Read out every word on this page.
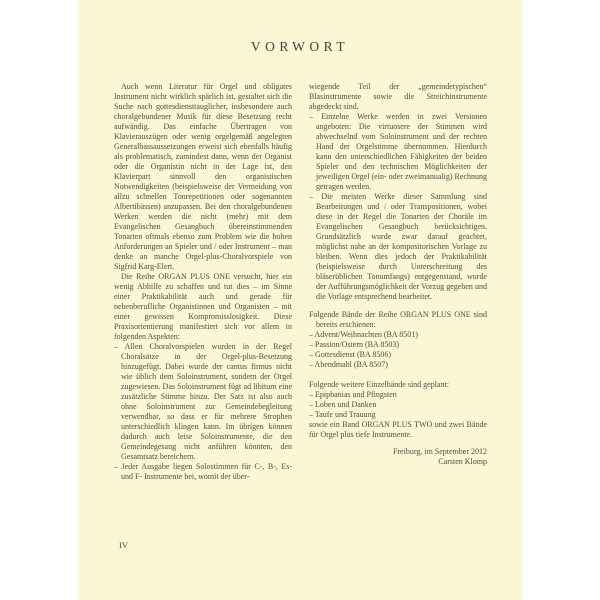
VORWORT

Auch wenn Literatur für Orgel und obligates Instrument nicht wirklich spärlich ist, gestaltet sich die Suche nach gottesdiensttauglicher, insbesondere auch choralgebundener Musik für diese Besetzung recht aufwändig. Das einfache Übertragen von Klavierauszügen oder wenig orgelgemäß angelegten Generalbassaussetzungen erweist sich ebenfalls häufig als problematisch, zumindest dann, wenn der Organist oder die Organistin nicht in der Lage ist, den Klavierpart sinnvoll den organistischen Notwendigkeiten (beispielsweise der Vermeidung von allzu schnellen Tonrepetitionen oder sogenannten Albertibässen) anzupassen. Bei den choralgebundenen Werken werden die nicht (mehr) mit dem Evangelischen Gesangbuch übereinstimmenden Tonarten oftmals ebenso zum Problem wie die hohen Anforderungen an Spieler und / oder Instrument – man denke an manche Orgel-plus-Choralvorspiele von Sigfrid Karg-Elert.

Die Reihe ORGAN PLUS ONE versucht, hier ein wenig Abhilfe zu schaffen und tut dies – im Sinne einer Praktikabilität auch und gerade für nebenberufliche Organistinnen und Organisten – mit einer gewissen Kompromisslosigkeit. Diese Praxisorientierung manifestiert sich vor allem in folgenden Aspekten:

– Allen Choralvorspielen wurden in der Regel Choralsätze in der Orgel-plus-Besetzung hinzugefügt. Dabei wurde der cantus firmus nicht wie üblich dem Soloinstrument, sondern der Orgel zugewiesen. Das Soloinstrument fügt ad libitum eine zusätzliche Stimme hinzu. Der Satz ist also auch ohne Soloinstrument zur Gemeindebegleitung verwendbar, so dass er für mehrere Strophen unterschiedlich klingen kann. Im übrigen können dadurch auch leise Soloinstrumente, die den Gemeindegesang nicht anführen könnten, den Gesamtsatz bereichern.

– Jeder Ausgabe liegen Solostimmen für C-, B-, Es- und F- Instrumente bei, womit der über-

wiegende Teil der „gemeindetypischen“ Blasinstrumente sowie die Streichinstrumente abgedeckt sind.

– Einzelne Werke werden in zwei Versionen angeboten: Die virtuosere der Stimmen wird abwechselnd vom Soloinstrument und der rechten Hand der Orgelstimme übernommen. Hierdurch kann den unterschiedlichen Fähigkeiten der beiden Spieler und den technischen Möglichkeiten der jeweiligen Orgel (ein- oder zweimanualig) Rechnung getragen werden.

– Die meisten Werke dieser Sammlung sind Bearbeitungen und / oder Transpositionen, wobei diese in der Regel die Tonarten der Choräle im Evangelischen Gesangbuch berücksichtigen. Grundsätzlich wurde zwar darauf geachtet, möglichst nahe an der kompositorischen Vorlage zu bleiben. Wenn dies jedoch der Praktikabilität (beispielsweise durch Unterschreitung des bläserüblichen Tonumfangs) entgegenstand, wurde der Aufführungsmöglichkeit der Vorzug gegeben und die Vorlage entsprechend bearbeitet.

Folgende Bände der Reihe ORGAN PLUS ONE sind bereits erschienen:

– Advent/Weihnachten (BA 8501)

– Passion/Ostern (BA 8503)

– Gottesdienst (BA 8506)

– Abendmahl (BA 8507)

Folgende weitere Einzelbände sind geplant:

– Epiphanias und Pfingsten

– Loben und Danken

– Taufe und Trauung

sowie ein Band ORGAN PLUS TWO und zwei Bände für Orgel plus tiefe Instrumente.

Freiburg, im September 2012

Carsten Klomp

IV
